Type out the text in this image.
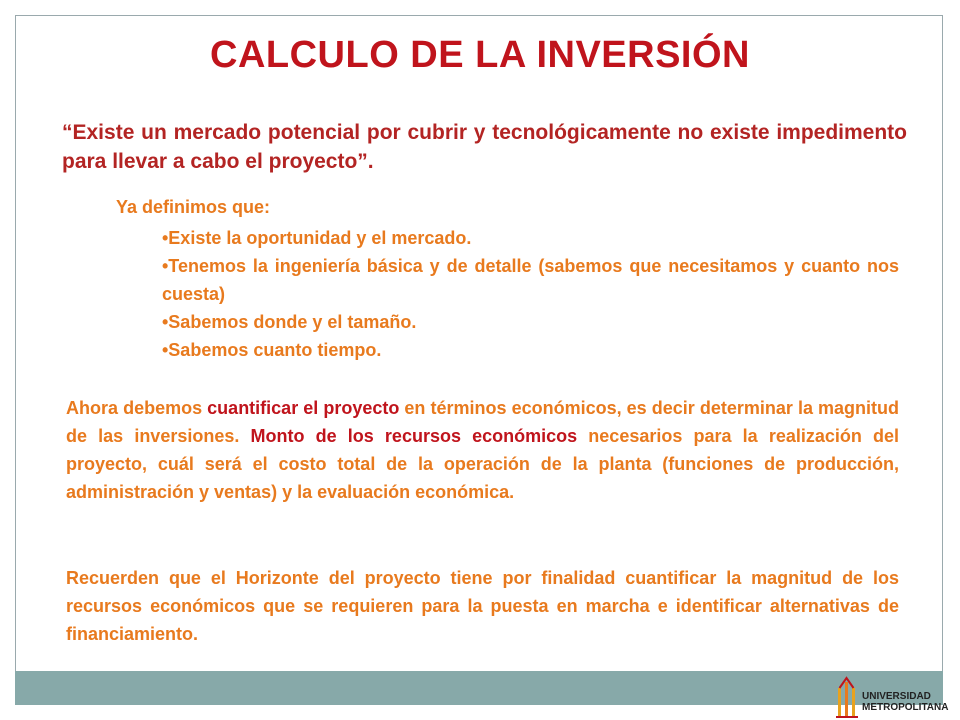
CALCULO DE LA INVERSIÓN

“Existe un mercado potencial por cubrir y tecnológicamente no existe impedimento para llevar a cabo el proyecto”.

Ya definimos que:

•Existe la oportunidad y el mercado.
•Tenemos la ingeniería básica y de detalle (sabemos que necesitamos y cuanto nos cuesta)
•Sabemos donde y el tamaño.
•Sabemos cuanto tiempo.

Ahora debemos cuantificar el proyecto en términos económicos, es decir determinar la magnitud de las inversiones. Monto de los recursos económicos necesarios para la realización del proyecto, cuál será el costo total de la operación de la planta (funciones de producción, administración y ventas) y la evaluación económica.

Recuerden que el Horizonte del proyecto tiene por finalidad cuantificar la magnitud de los recursos económicos que se requieren para la puesta en marcha e identificar alternativas de financiamiento.

UNIVERSIDAD
METROPOLITANA
